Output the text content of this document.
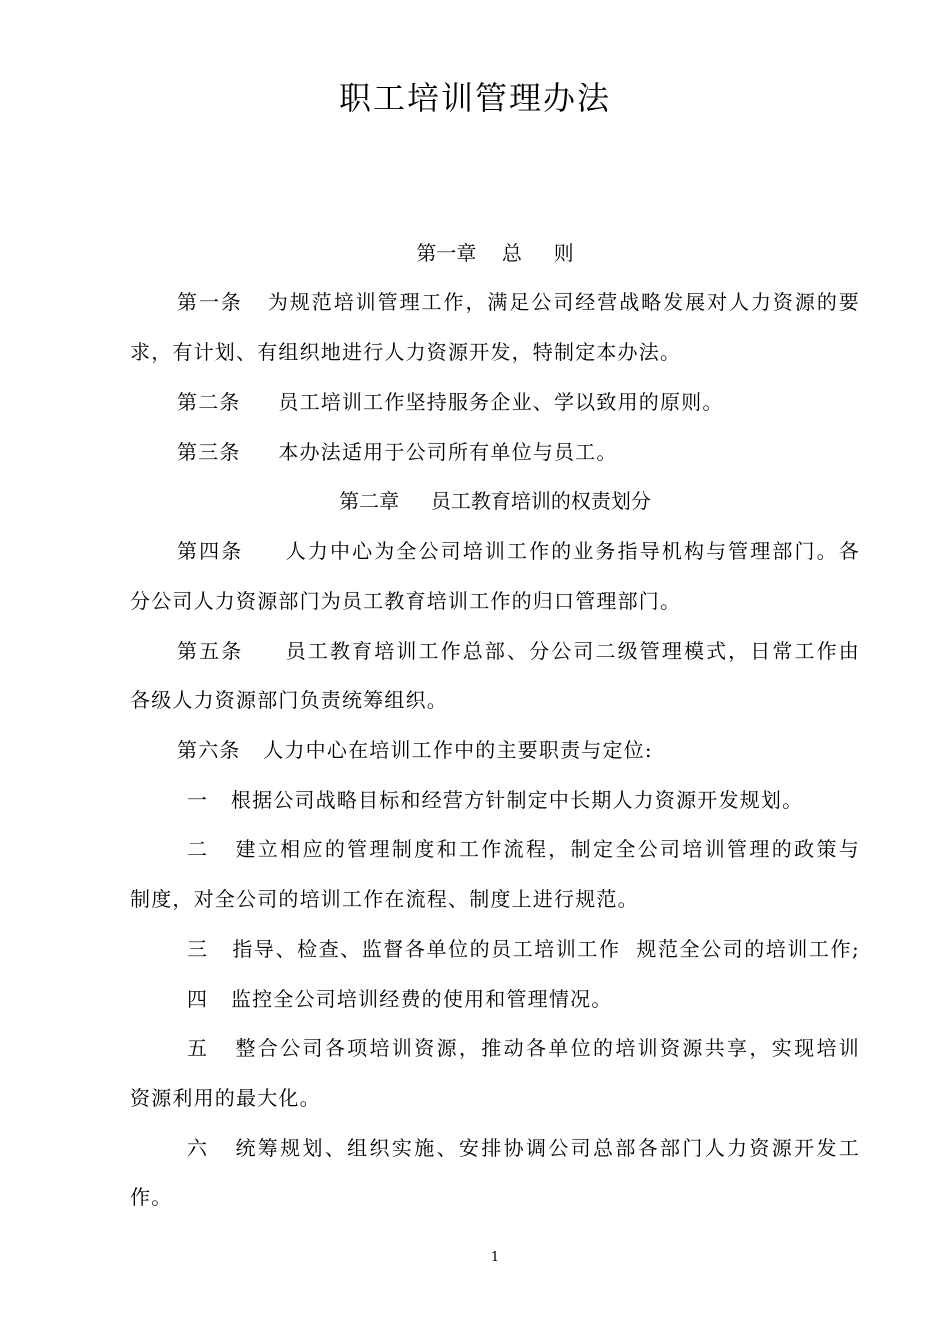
职工培训管理办法
第一章    总     则
第一条   为规范培训管理工作，满足公司经营战略发展对人力资源的要
求，有计划、有组织地进行人力资源开发，特制定本办法。
第二条     员工培训工作坚持服务企业、学以致用的原则。
第三条     本办法适用于公司所有单位与员工。
第二章     员工教育培训的权责划分
第四条     人力中心为全公司培训工作的业务指导机构与管理部门。各
分公司人力资源部门为员工教育培训工作的归口管理部门。
第五条     员工教育培训工作总部、分公司二级管理模式，日常工作由
各级人力资源部门负责统筹组织。
第六条   人力中心在培训工作中的主要职责与定位:
一   根据公司战略目标和经营方针制定中长期人力资源开发规划。
二   建立相应的管理制度和工作流程，制定全公司培训管理的政策与
制度，对全公司的培训工作在流程、制度上进行规范。
三   指导、检查、监督各单位的员工培训工作  规范全公司的培训工作;
四   监控全公司培训经费的使用和管理情况。
五   整合公司各项培训资源，推动各单位的培训资源共享，实现培训
资源利用的最大化。
六   统筹规划、组织实施、安排协调公司总部各部门人力资源开发工
作。
1
